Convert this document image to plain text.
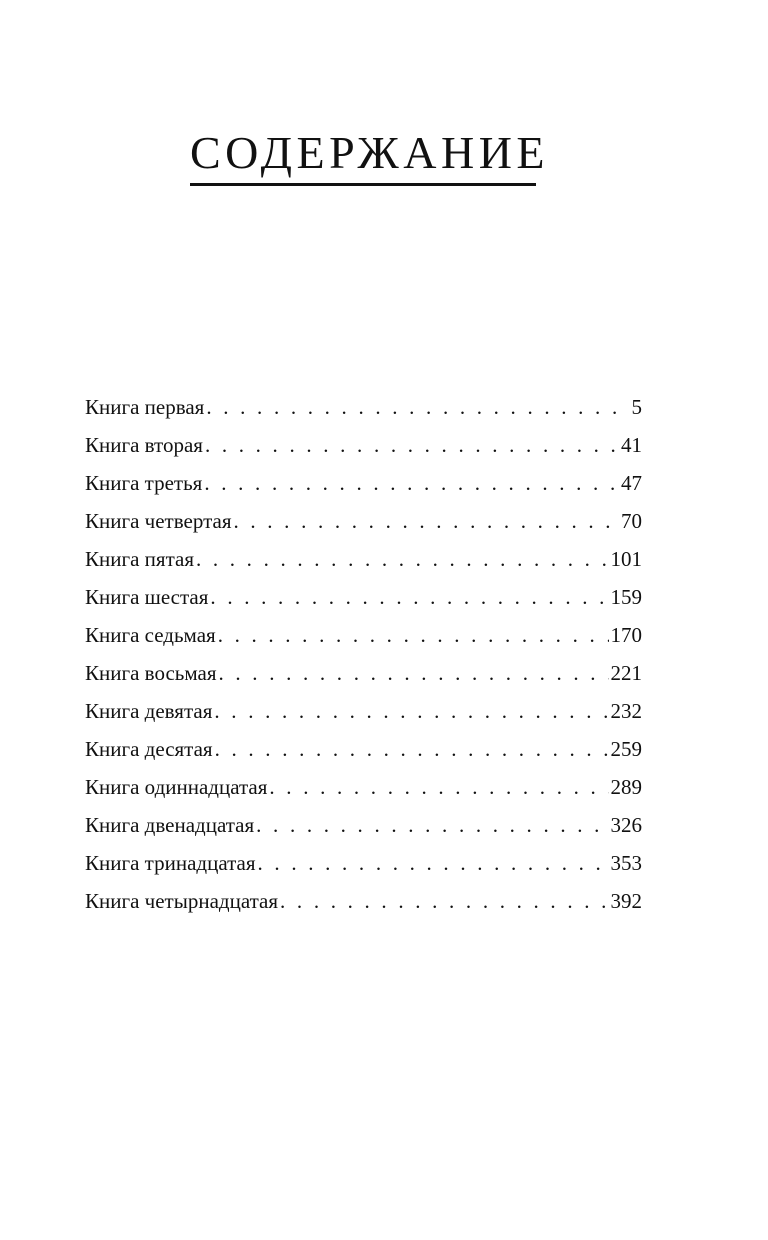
СОДЕРЖАНИЕ
Книга первая . . .	5
Книга вторая . . .	41
Книга третья . . .	47
Книга четвертая . . .	70
Книга пятая . . .	101
Книга шестая . . .	159
Книга седьмая . . .	170
Книга восьмая . . .	221
Книга девятая . . .	232
Книга десятая . . .	259
Книга одиннадцатая . . .	289
Книга двенадцатая . . .	326
Книга тринадцатая . . .	353
Книга четырнадцатая . . .	392
